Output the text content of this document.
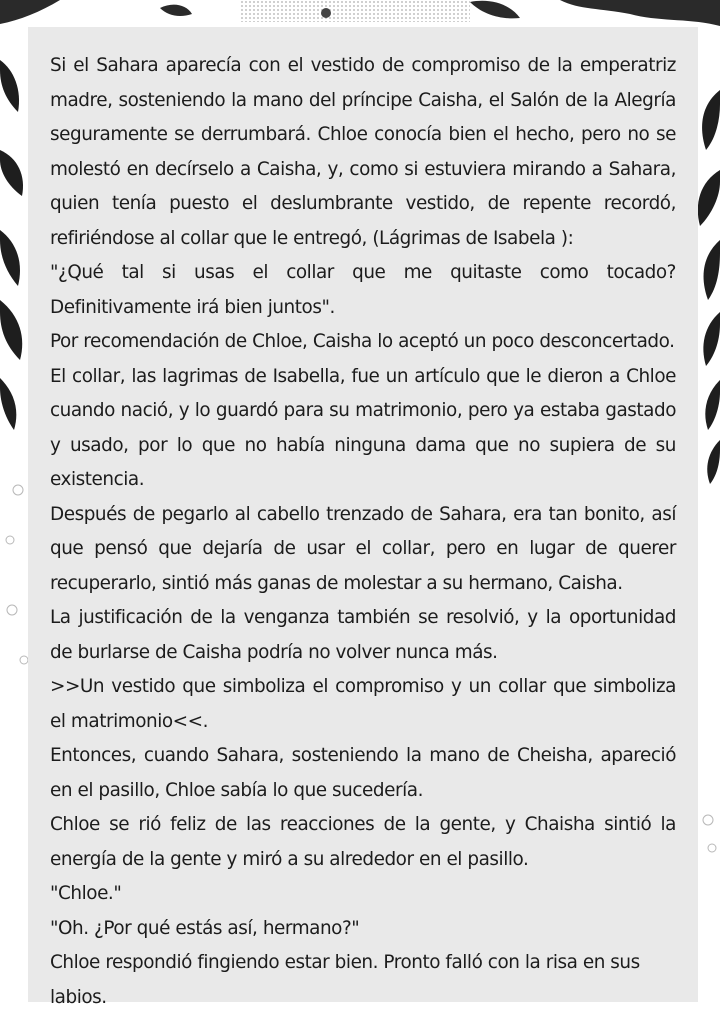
Si el Sahara aparecía con el vestido de compromiso de la emperatriz madre, sosteniendo la mano del príncipe Caisha, el Salón de la Alegría seguramente se derrumbará. Chloe conocía bien el hecho, pero no se molestó en decírselo a Caisha, y, como si estuviera mirando a Sahara, quien tenía puesto el deslumbrante vestido, de repente recordó, refiriéndose al collar que le entregó, (Lágrimas de Isabela ):

"¿Qué tal si usas el collar que me quitaste como tocado? Definitivamente irá bien juntos".

Por recomendación de Chloe, Caisha lo aceptó un poco desconcertado.

El collar, las lagrimas de Isabella, fue un artículo que le dieron a Chloe cuando nació, y lo guardó para su matrimonio, pero ya estaba gastado y usado, por lo que no había ninguna dama que no supiera de su existencia.

Después de pegarlo al cabello trenzado de Sahara, era tan bonito, así que pensó que dejaría de usar el collar, pero en lugar de querer recuperarlo, sintió más ganas de molestar a su hermano, Caisha.

La justificación de la venganza también se resolvió, y la oportunidad de burlarse de Caisha podría no volver nunca más.

>>Un vestido que simboliza el compromiso y un collar que simboliza el matrimonio<<.

Entonces, cuando Sahara, sosteniendo la mano de Cheisha, apareció en el pasillo, Chloe sabía lo que sucedería.

Chloe se rió feliz de las reacciones de la gente, y Chaisha sintió la energía de la gente y miró a su alrededor en el pasillo.

"Chloe."

"Oh. ¿Por qué estás así, hermano?"

Chloe respondió fingiendo estar bien. Pronto falló con la risa en sus labios.
